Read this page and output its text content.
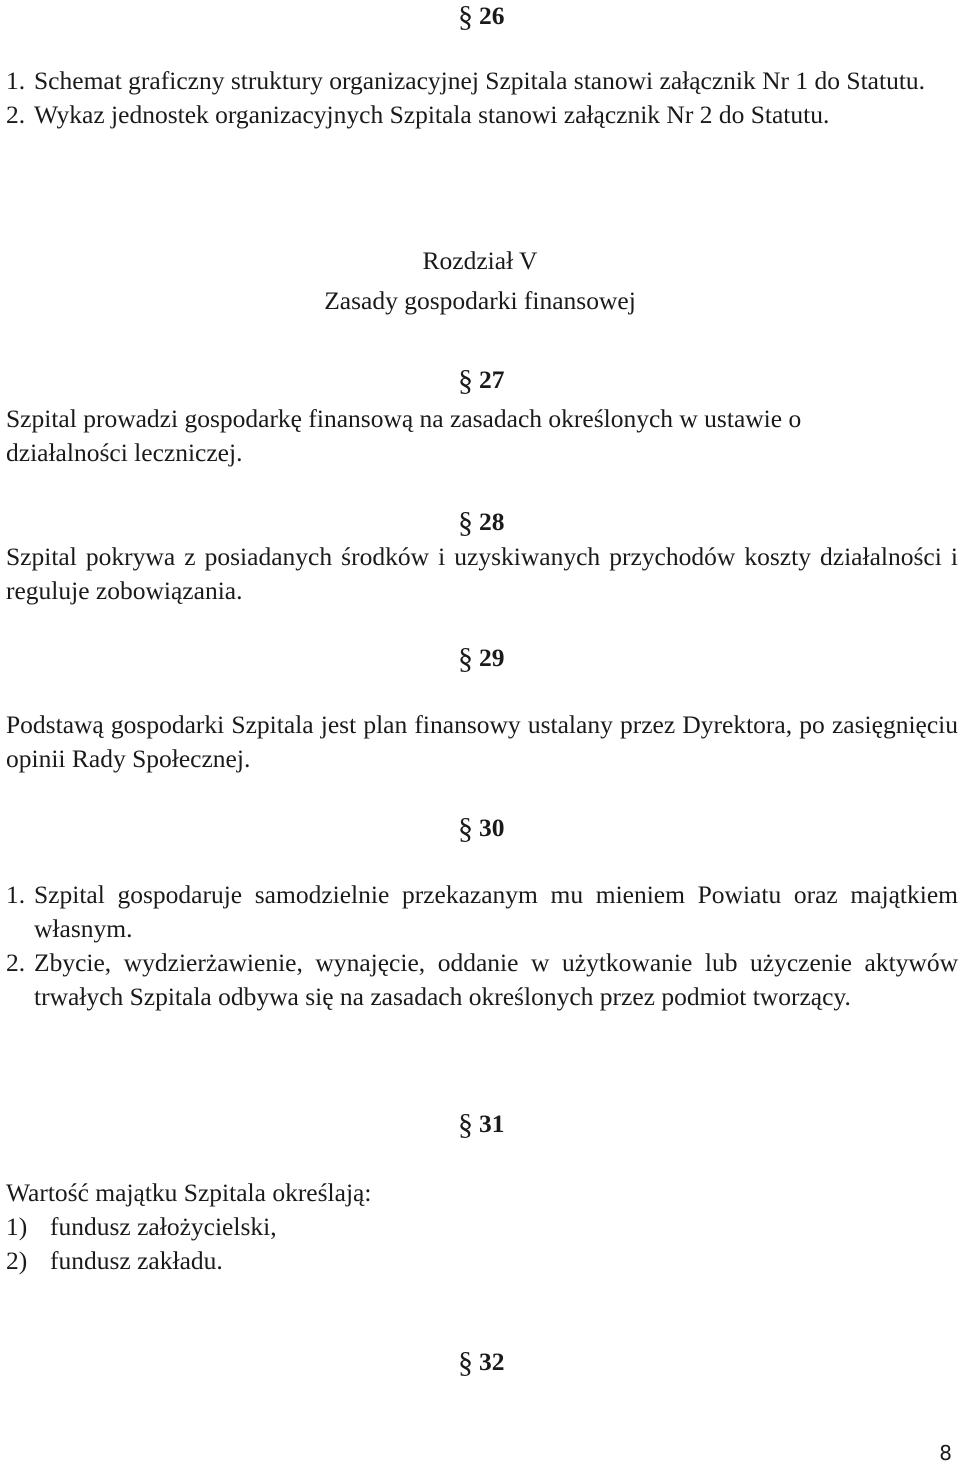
§ 26
1. Schemat graficzny struktury organizacyjnej Szpitala stanowi załącznik Nr 1 do Statutu.
2. Wykaz jednostek organizacyjnych Szpitala stanowi załącznik Nr 2 do Statutu.
Rozdział V
Zasady gospodarki finansowej
§ 27
Szpital prowadzi gospodarkę finansową na zasadach określonych w ustawie o działalności leczniczej.
§ 28
Szpital pokrywa z posiadanych środków i uzyskiwanych przychodów koszty działalności i reguluje zobowiązania.
§ 29
Podstawą gospodarki Szpitala jest plan finansowy ustalany przez Dyrektora, po zasięgnięciu opinii Rady Społecznej.
§ 30
1. Szpital gospodaruje samodzielnie przekazanym mu mieniem Powiatu oraz majątkiem własnym.
2. Zbycie, wydzierżawienie, wynajęcie, oddanie w użytkowanie lub użyczenie aktywów trwałych Szpitala odbywa się na zasadach określonych przez podmiot tworzący.
§ 31
Wartość majątku Szpitala określają:
1) fundusz założycielski,
2) fundusz zakładu.
§ 32
8
